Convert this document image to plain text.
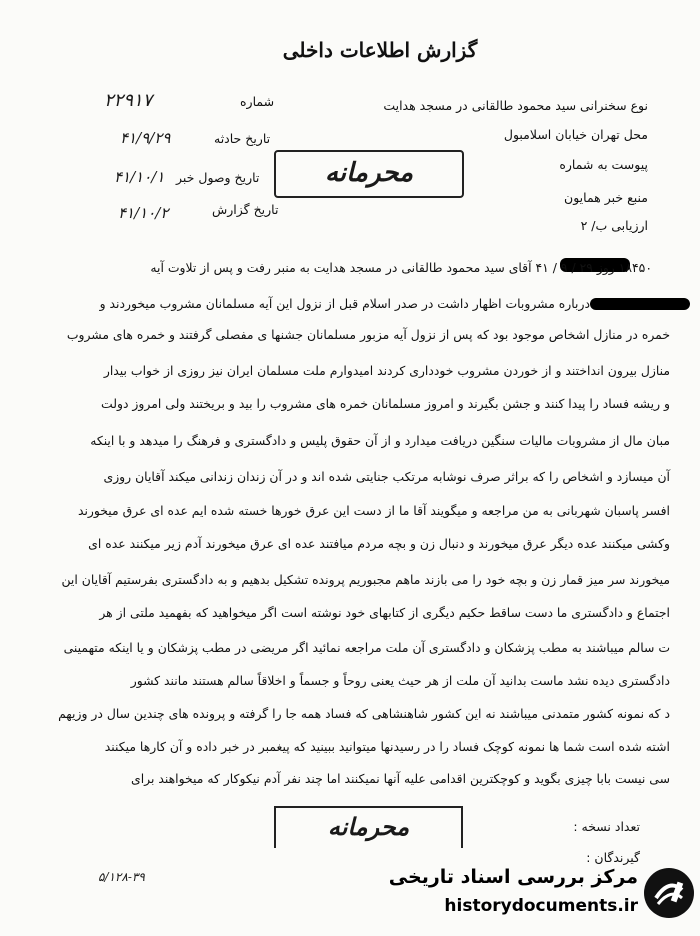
گزارش اطلاعات داخلی
نوع سخنرانی سید محمود طالقانی در مسجد هدایت
محل تهران خیابان اسلامبول
پیوست به شماره
منبع خبر همایون
ارزیابی ب/ ۲
محرمانه
شماره
۲۲۹۱۷
تاریخ حادثه
۴۱/۹/۲۹
تاریخ وصول خبر
۴۱/۱۰/۱
تاریخ گزارش
۴۱/۱۰/۲
۱۸۴۵۰ روز ۲۹ / ۹ / ۴۱ آقای سید محمود طالقانی در مسجد هدایت به منبر رفت و پس از تلاوت آیه
درباره مشروبات اظهار داشت در صدر اسلام قبل از نزول این آیه مسلمانان مشروب میخوردند و
خمره در منازل اشخاص موجود بود که پس از نزول آیه مزبور مسلمانان جشنها ی مفصلی گرفتند و خمره های مشروب
منازل بیرون انداختند و از خوردن مشروب خودداری کردند امیدوارم ملت مسلمان ایران نیز روزی از خواب بیدار
و ریشه فساد را پیدا کنند و جشن بگیرند و امروز مسلمانان خمره های مشروب را بید و بریختند ولی امروز دولت
مبان مال از مشروبات مالیات سنگین دریافت میدارد و از آن حقوق پلیس و دادگستری و فرهنگ را میدهد و با اینکه
آن میسازد و اشخاص را که براثر صرف نوشابه مرتکب جنایتی شده اند و در آن زندان زندانی میکند آقایان روزی
افسر پاسبان شهربانی به من مراجعه و میگویند آقا ما از دست این عرق خورها خسته شده ایم عده ای عرق میخورند
وکشی میکنند عده دیگر عرق میخورند و دنبال زن و بچه مردم میافتند عده ای عرق میخورند آدم زیر میکنند عده ای
میخورند سر میز قمار زن و بچه خود را می بازند ماهم مجبوریم پرونده تشکیل بدهیم و به دادگستری بفرستیم آقایان این
اجتماع و دادگستری ما دست ساقط حکیم دیگری از کتابهای خود نوشته است اگر میخواهید که بفهمید ملتی از هر
ت سالم میباشند به مطب پزشکان و دادگستری آن ملت مراجعه نمائید اگر مریضی در مطب پزشکان و یا اینکه متهمینی
دادگستری دیده نشد ماست بدانید آن ملت از هر حیث یعنی روحاً و جسماً و اخلاقاً سالم هستند مانند کشور
د که نمونه کشور متمدنی میباشند نه این کشور شاهنشاهی که فساد همه جا را گرفته و پرونده های چندین سال در وزیهم
اشته شده است شما ها نمونه کوچک فساد را در رسیدنها میتوانید ببینید که پیغمبر در خبر داده و آن کارها میکنند
سی نیست بابا چیزی بگوید و کوچکترین اقدامی علیه آنها نمیکنند اما چند نفر آدم نیکوکار که میخواهند برای
محرمانه	تعداد نسخه :
گیرندگان :
۵/۱۲۸-۳۹	مرکز بررسی اسناد تاریخی
historydocuments.ir
